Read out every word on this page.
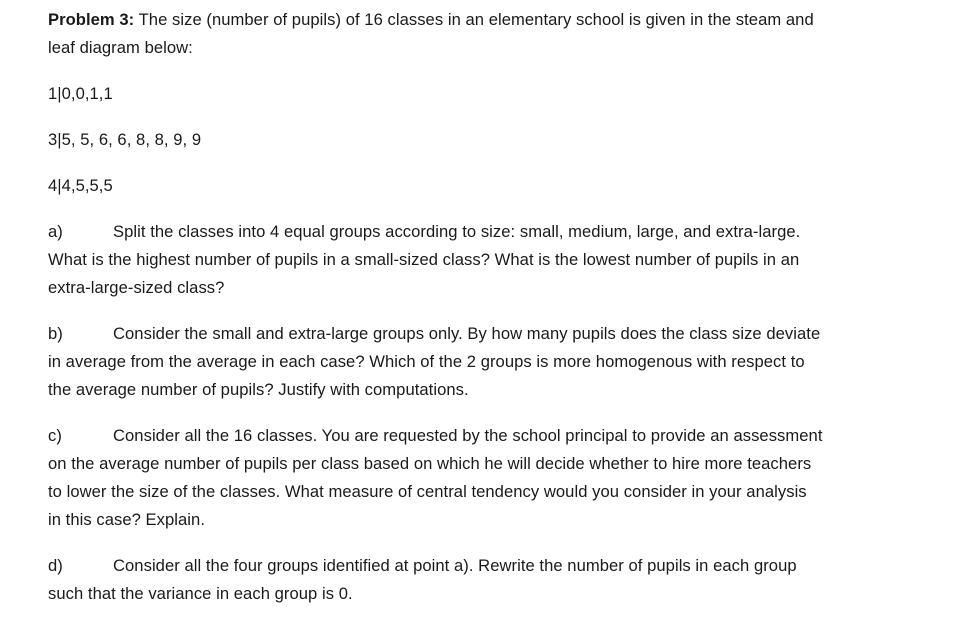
Problem 3: The size (number of pupils) of 16 classes in an elementary school is given in the steam and
leaf diagram below:
1|0,0,1,1
3|5, 5, 6, 6, 8, 8, 9, 9
4|4,5,5,5
a)	Split the classes into 4 equal groups according to size: small, medium, large, and extra-large.
What is the highest number of pupils in a small-sized class? What is the lowest number of pupils in an
extra-large-sized class?
b)	Consider the small and extra-large groups only. By how many pupils does the class size deviate
in average from the average in each case? Which of the 2 groups is more homogenous with respect to
the average number of pupils? Justify with computations.
c)	Consider all the 16 classes. You are requested by the school principal to provide an assessment
on the average number of pupils per class based on which he will decide whether to hire more teachers
to lower the size of the classes. What measure of central tendency would you consider in your analysis
in this case? Explain.
d)	Consider all the four groups identified at point a). Rewrite the number of pupils in each group
such that the variance in each group is 0.
